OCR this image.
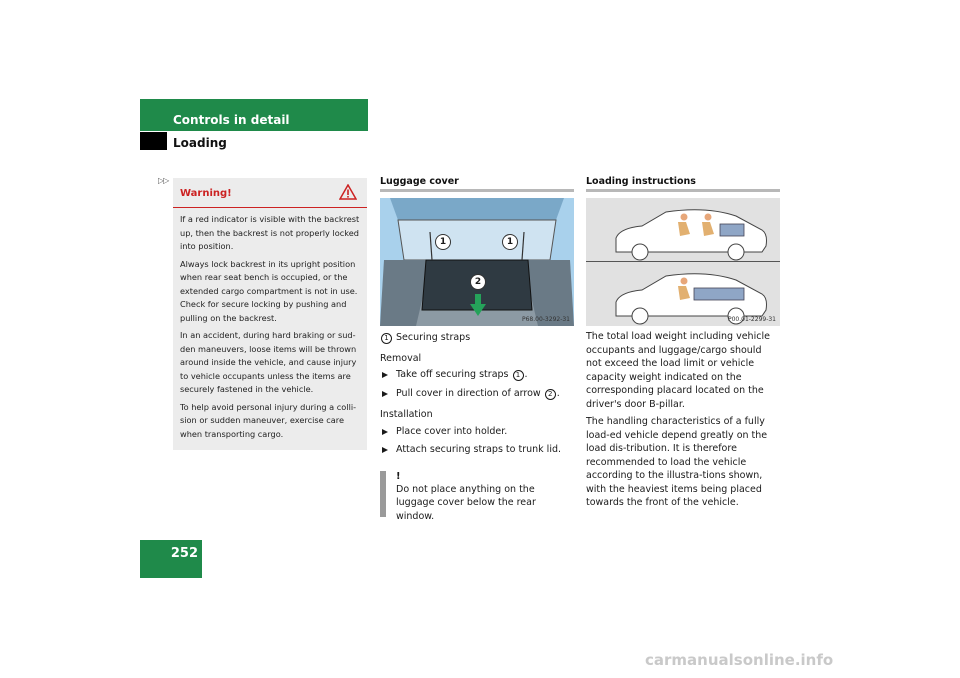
Controls in detail
Loading
▷▷
Warning!

If a red indicator is visible with the backrest up, then the backrest is not properly locked into position.

Always lock backrest in its upright position when rear seat bench is occupied, or the extended cargo compartment is not in use. Check for secure locking by pushing and pulling on the backrest.

In an accident, during hard braking or sud-den maneuvers, loose items will be thrown around inside the vehicle, and cause injury to vehicle occupants unless the items are securely fastened in the vehicle.

To help avoid personal injury during a colli-sion or sudden maneuver, exercise care when transporting cargo.

Luggage cover
1	1
2
P68.00-3292-31
1 Securing straps
Removal
Take off securing straps 1 .
Pull cover in direction of arrow 2 .
Installation
Place cover into holder.
Attach securing straps to trunk lid.
!
Do not place anything on the luggage cover below the rear window.
Loading instructions
P00.01-2299-31

The total load weight including vehicle occupants and luggage/cargo should not exceed the load limit or vehicle capacity weight indicated on the corresponding placard located on the driver's door B-pillar.

The handling characteristics of a fully load-ed vehicle depend greatly on the load dis-tribution. It is therefore recommended to load the vehicle according to the illustra-tions shown, with the heaviest items being placed towards the front of the vehicle.

252
carmanualsonline.info
